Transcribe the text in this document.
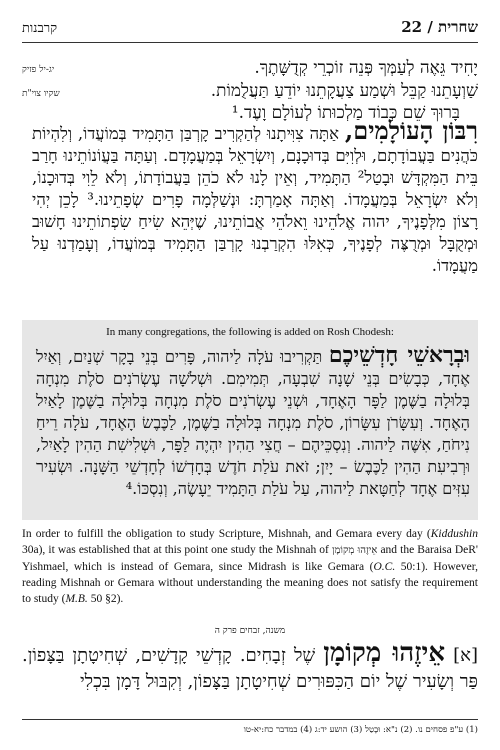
קרבנות	22 / שחרית
יג-יל פזיק
שקיו צוי"ת
יָחִיד גֵּאֶה לְעַמְּךָ פְּנֵה זוֹכְרֵי קְדֻשָּׁתֶךָ.
שַׁוְעָתֵנוּ קַבֵּל וּשְׁמַע צַעֲקָתֵנוּ יוֹדֵעַ תַּעֲלֻמוֹת.
בָּרוּךְ שֵׁם כְּבוֹד מַלְכוּתוֹ לְעוֹלָם וָעֶד.¹
רִבּוֹן הָעוֹלָמִים, אַתָּה צִוִּיתָנוּ לְהַקְרִיב קָרְבַּן הַתָּמִיד בְּמוֹעֲדוֹ, וְלִהְיוֹת כֹּהֲנִים בַּעֲבוֹדָתָם, וּלְוִיִּם בְּדוּכָנָם, וְיִשְׂרָאֵל בְּמַעֲמָדָם. וְעַתָּה בַּעֲוֹנוֹתֵינוּ חָרַב בֵּית הַמִּקְדָּשׁ וּבָטַל² הַתָּמִיד, וְאֵין לָנוּ לֹא כֹהֵן בַּעֲבוֹדָתוֹ, וְלֹא לֵוִי בְּדוּכָנוֹ, וְלֹא יִשְׂרָאֵל בְּמַעֲמָדוֹ. וְאַתָּה אָמַרְתָּ: וּנְשַׁלְּמָה פָרִים שְׂפָתֵינוּ.³ לָכֵן יְהִי רָצוֹן מִלְּפָנֶיךָ, יהוה אֱלֹהֵינוּ וֵאלֹהֵי אֲבוֹתֵינוּ, שֶׁיְּהֵא שִׂיחַ שִׂפְתוֹתֵינוּ חָשׁוּב וּמְקֻבָּל וּמְרֻצֶּה לְפָנֶיךָ, כְּאִלּוּ הִקְרַבְנוּ קָרְבַּן הַתָּמִיד בְּמוֹעֲדוֹ, וְעָמַדְנוּ עַל מַעֲמָדוֹ.
In many congregations, the following is added on Rosh Chodesh:
וּבְרָאשֵׁי חָדְשֵׁיכֶם תַּקְרִיבוּ עֹלָה לַיהוה, פָּרִים בְּנֵי בָקָר שְׁנַיִם, וְאַיִל אֶחָד, כְּבָשִׂים בְּנֵי שָׁנָה שִׁבְעָה, תְּמִימִם. וּשְׁלֹשָׁה עֶשְׂרֹנִים סֹלֶת מִנְחָה בְּלוּלָה בַשֶּׁמֶן לַפָּר הָאֶחָד, וּשְׁנֵי עֶשְׂרֹנִים סֹלֶת מִנְחָה בְּלוּלָה בַשֶּׁמֶן לָאַיִל הָאֶחָד. וְעִשָּׂרֹן עִשָּׂרוֹן, סֹלֶת מִנְחָה בְּלוּלָה בַשֶּׁמֶן, לַכֶּבֶשׂ הָאֶחָד, עֹלָה רֵיחַ נִיחֹחַ, אִשֶּׁה לַיהוה. וְנִסְכֵּיהֶם – חֲצִי הַהִין יִהְיֶה לַפָּר, וּשְׁלִישִׁת הַהִין לָאַיִל, וּרְבִיעִת הַהִין לַכֶּבֶשׂ – יָיִן; זֹאת עֹלַת חֹדֶשׁ בְּחָדְשׁוֹ לְחָדְשֵׁי הַשָּׁנָה. וּשְׂעִיר עִזִּים אֶחָד לְחַטָּאת לַיהוה, עַל עֹלַת הַתָּמִיד יֵעָשֶׂה, וְנִסְכּוֹ.⁴
In order to fulfill the obligation to study Scripture, Mishnah, and Gemara every day (Kiddushin 30a), it was established that at this point one study the Mishnah of אֵיזֶהוּ מְקוֹמָן and the Baraisa DeR' Yishmael, which is instead of Gemara, since Midrash is like Gemara (O.C. 50:1). However, reading Mishnah or Gemara without understanding the meaning does not satisfy the requirement to study (M.B. 50 §2).
משנה, זבחים פרק ה
[א] אֵיזֶהוּ מְקוֹמָן שֶׁל זְבָחִים. קָדְשֵׁי קָדָשִׁים, שְׁחִיטָתָן בַּצָּפוֹן. פַּר וְשָׂעִיר שֶׁל יוֹם הַכִּפּוּרִים שְׁחִיטָתָן בַּצָּפוֹן, וְקִבּוּל דָּמָן בִּכְלִי
(1) ע"פ פסחים נו. (2) נ"א: וּבָטַל (3) הושע יד:ג (4) במדבר כח:יא-טו
